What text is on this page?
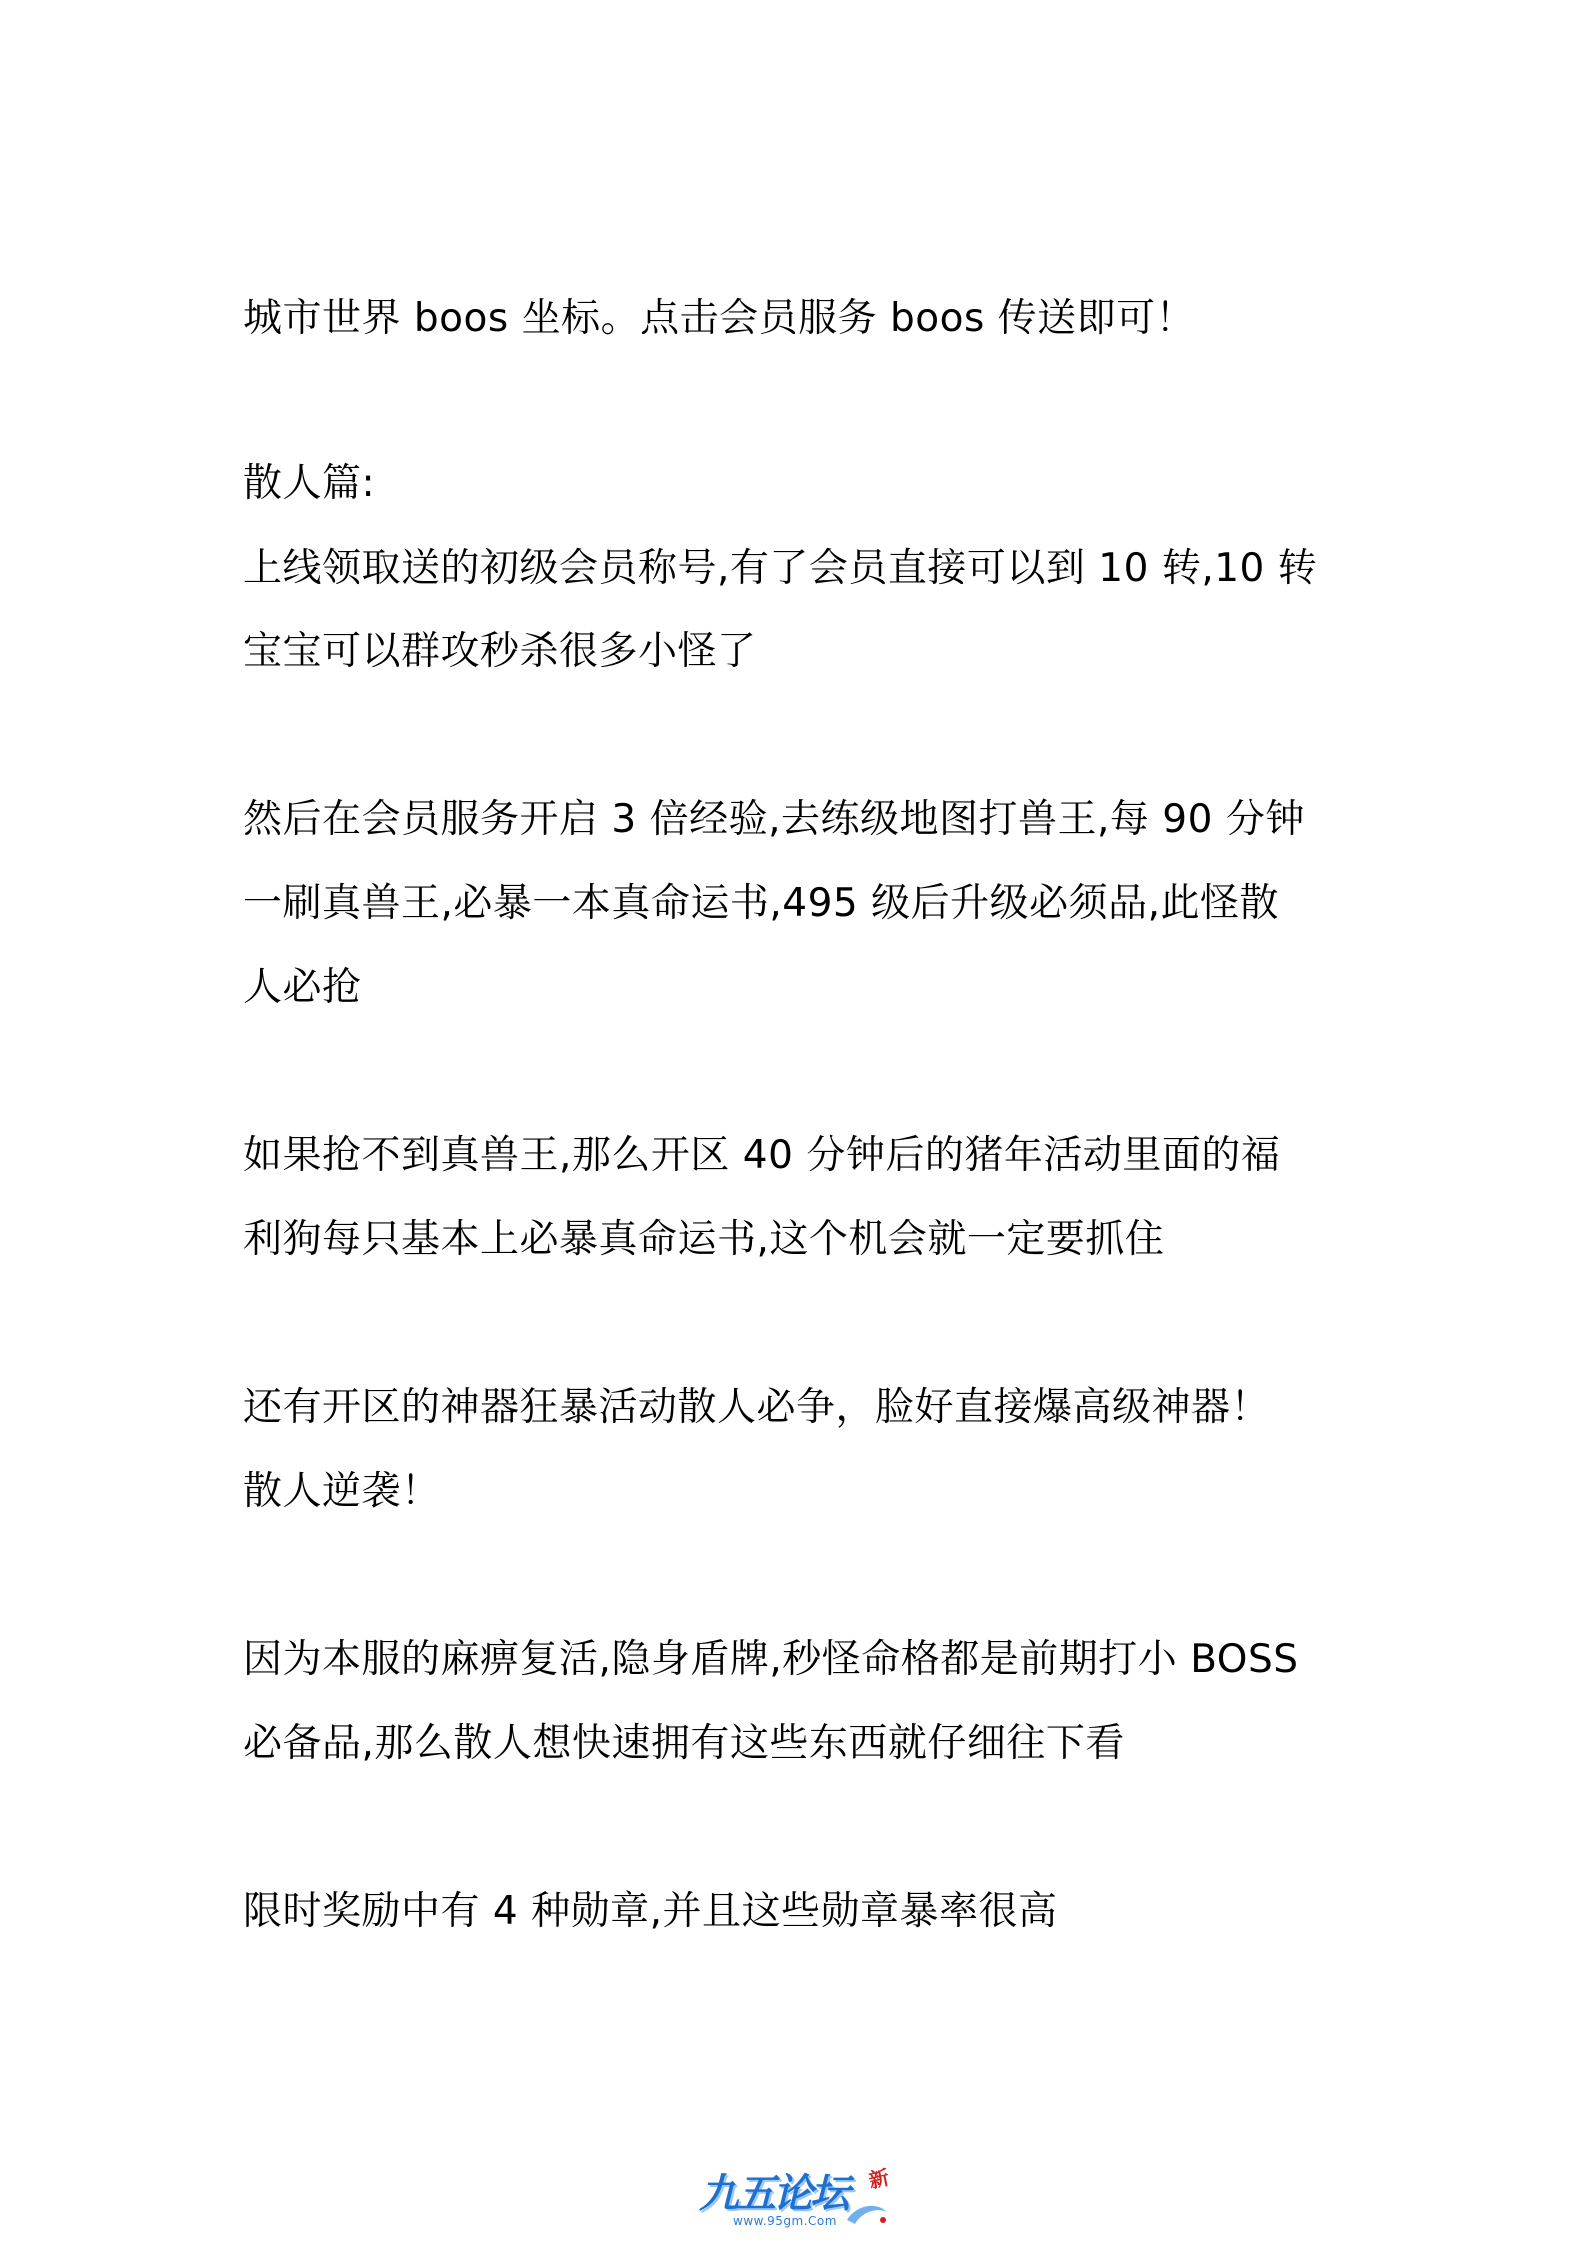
城市世界 boos 坐标。点击会员服务 boos 传送即可！
散人篇:
上线领取送的初级会员称号,有了会员直接可以到 10 转,10 转
宝宝可以群攻秒杀很多小怪了
然后在会员服务开启 3 倍经验,去练级地图打兽王,每 90 分钟
一刷真兽王,必暴一本真命运书,495 级后升级必须品,此怪散
人必抢
如果抢不到真兽王,那么开区 40 分钟后的猪年活动里面的福
利狗每只基本上必暴真命运书,这个机会就一定要抓住
还有开区的神器狂暴活动散人必争，脸好直接爆高级神器！
散人逆袭！
因为本服的麻痹复活,隐身盾牌,秒怪命格都是前期打小 BOSS
必备品,那么散人想快速拥有这些东西就仔细往下看
限时奖励中有 4 种勋章,并且这些勋章暴率很高
九五论坛 新
www.95gm.Com
